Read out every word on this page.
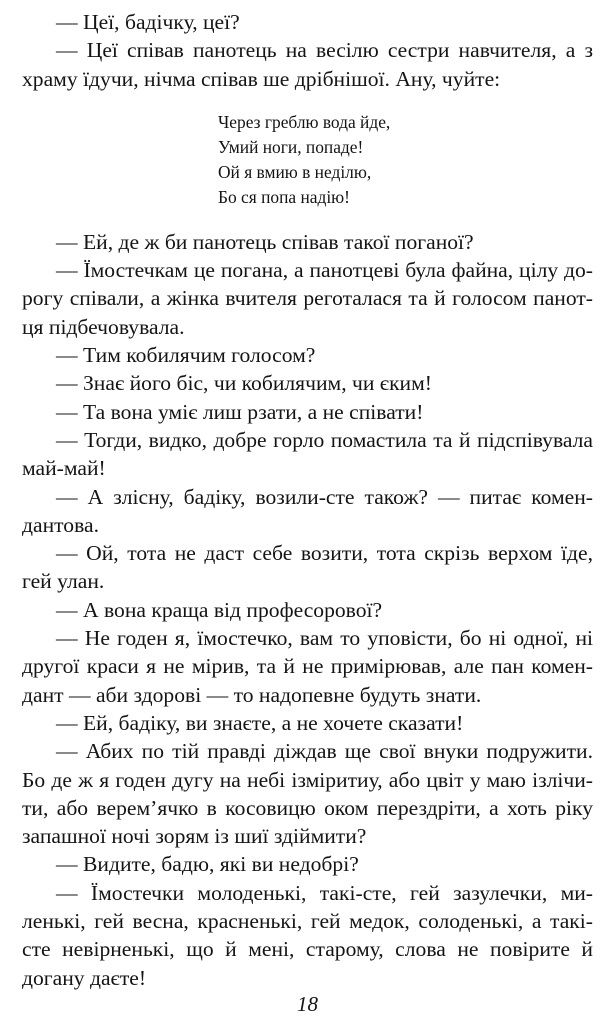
— Цеї, бадічку, цеї?

— Цеї співав панотець на весілю сестри навчителя, а з храму їдучи, нічма співав ше дрібнішої. Ану, чуйте:

Через греблю вода йде,
Умий ноги, попаде!
Ой я вмию в неділю,
Бо ся попа надію!

— Ей, де ж би панотець співав такої поганої?

— Їмостечкам це погана, а панотцеві була файна, цілу дорогу співали, а жінка вчителя реготалася та й голосом панотця підбечовувала.

— Тим кобилячим голосом?

— Знає його біс, чи кобилячим, чи єким!

— Та вона уміє лиш рзати, а не співати!

— Тогди, видко, добре горло помастила та й підспівувала май-май!

— А злісну, бадіку, возили-сте також? — питає комендантова.

— Ой, тота не даст себе возити, тота скрізь верхом їде, гей улан.

— А вона краща від професорової?

— Не годен я, їмостечко, вам то уповісти, бо ні одної, ні другої краси я не мірив, та й не примірював, але пан комендант — аби здорові — то надопевне будуть знати.

— Ей, бадіку, ви знаєте, а не хочете сказати!

— Абих по тій правді діждав ще свої внуки подружити. Бо де ж я годен дугу на небі ізміритиу, або цвіт у маю ізлічити, або верем’ячко в косовицю оком перездріти, а хоть ріку запашної ночі зорям із шиї здіймити?

— Видите, бадю, які ви недобрі?

— Їмостечки молоденькі, такі-сте, гей зазулечки, миленькі, гей весна, красненькі, гей медок, солоденькі, а такі-сте невірненькі, що й мені, старому, слова не повірите й догану даєте!

18
